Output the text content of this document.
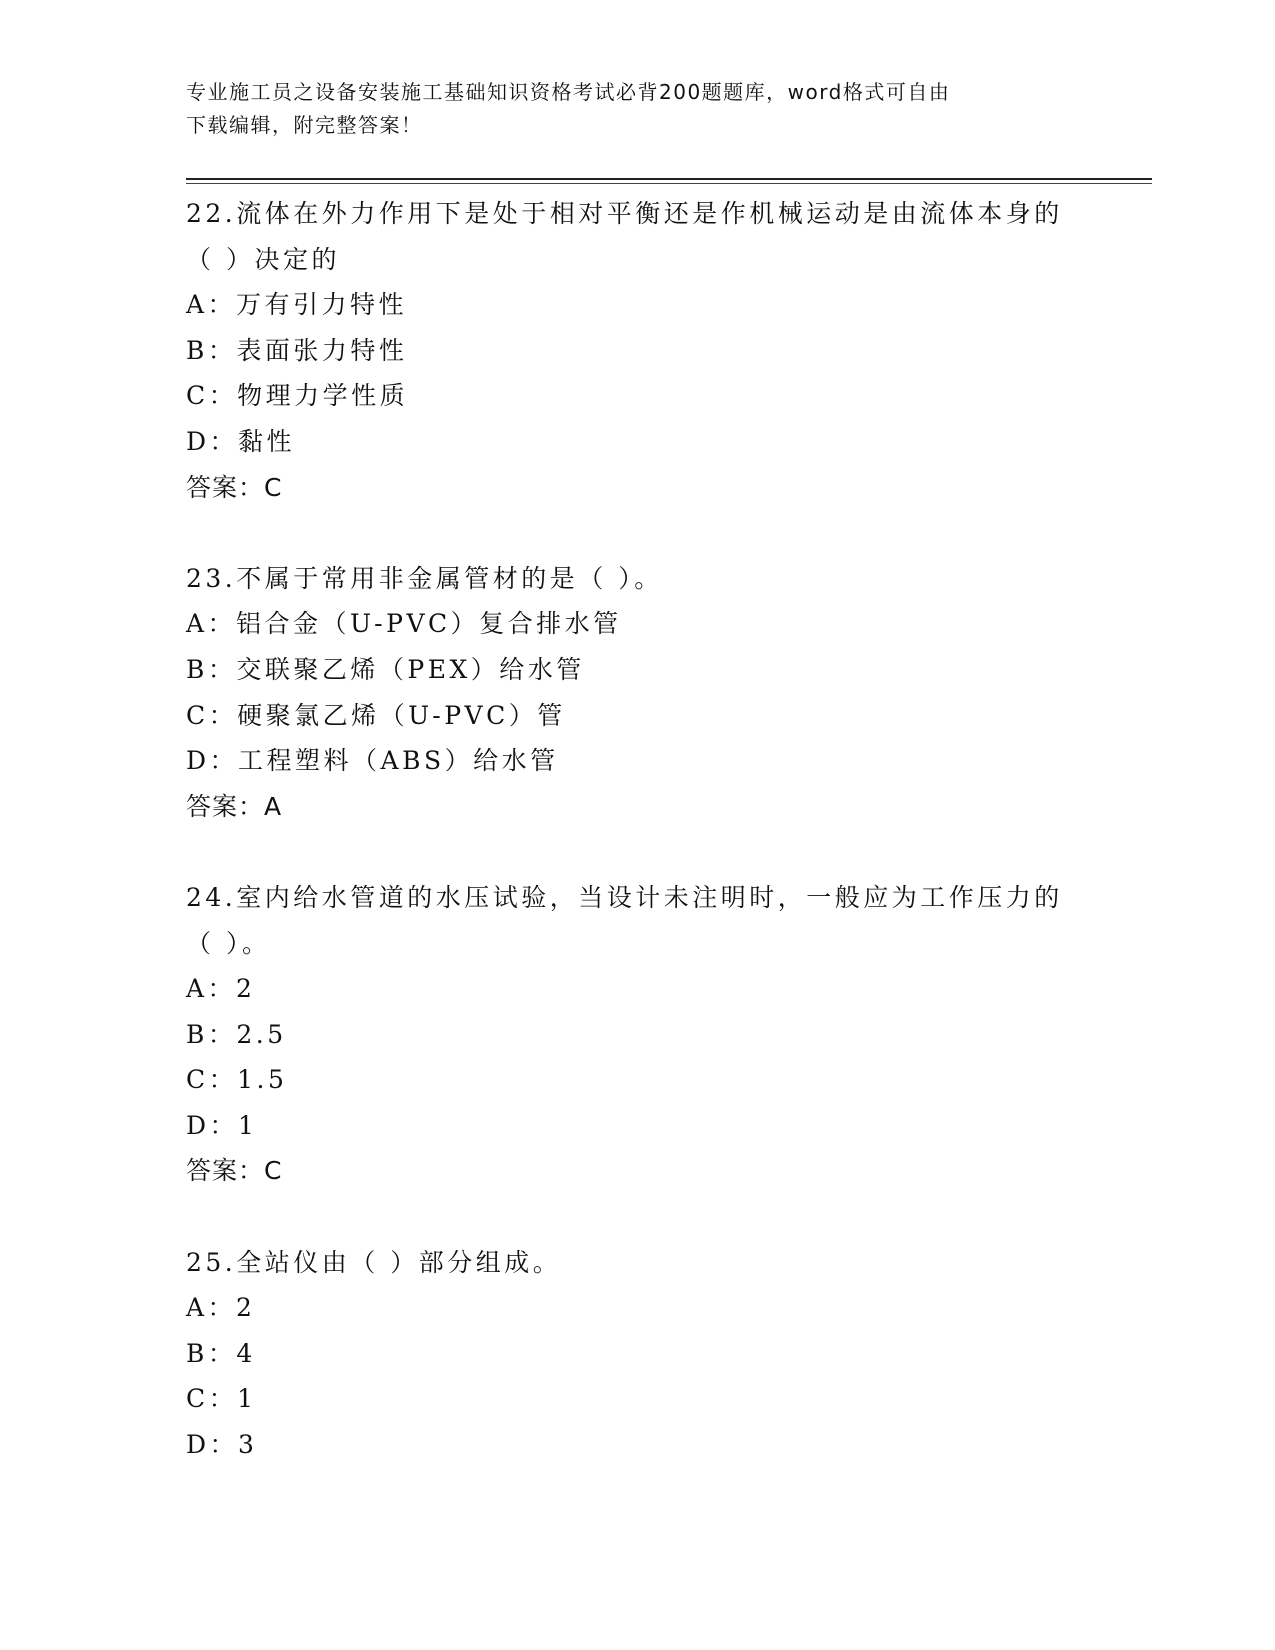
专业施工员之设备安装施工基础知识资格考试必背200题题库，word格式可自由
下载编辑，附完整答案！
22.流体在外力作用下是处于相对平衡还是作机械运动是由流体本身的
（ ）决定的
A：万有引力特性
B：表面张力特性
C：物理力学性质
D：黏性
答案：C
23.不属于常用非金属管材的是（ ）。
A：铝合金（U-PVC）复合排水管
B：交联聚乙烯（PEX）给水管
C：硬聚氯乙烯（U-PVC）管
D：工程塑料（ABS）给水管
答案：A
24.室内给水管道的水压试验，当设计未注明时，一般应为工作压力的
（ ）。
A：2
B：2.5
C：1.5
D：1
答案：C
25.全站仪由（ ）部分组成。
A：2
B：4
C：1
D：3
